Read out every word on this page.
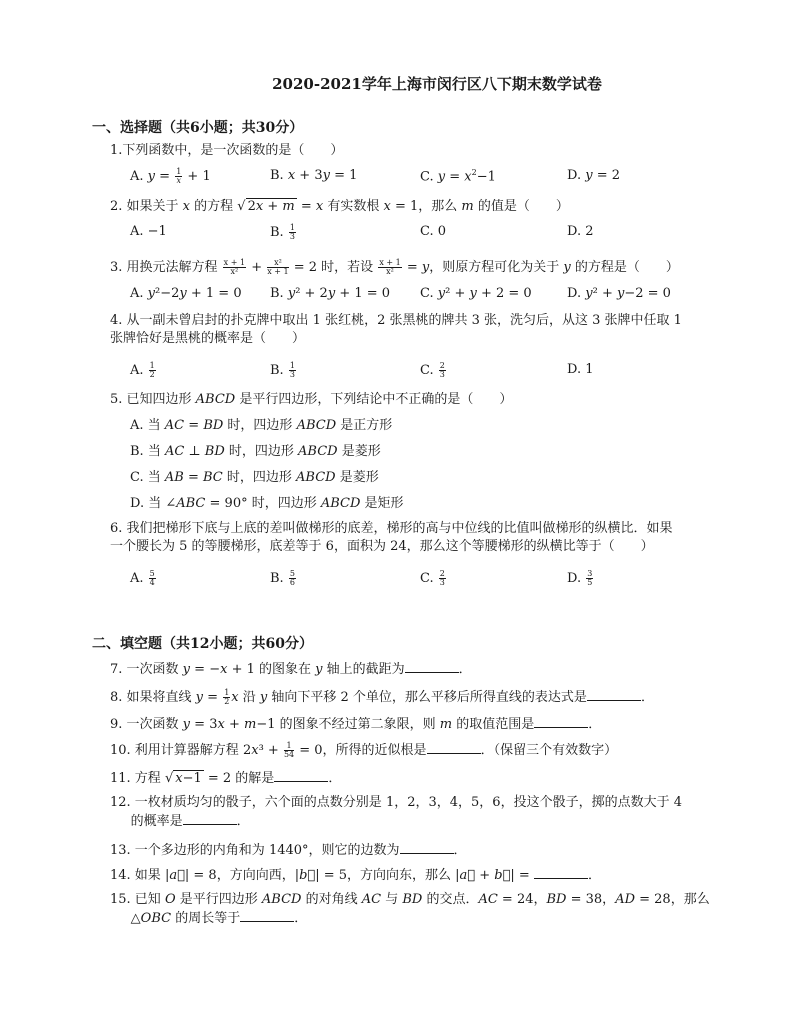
2020-2021学年上海市闵行区八下期末数学试卷
一、选择题（共6小题；共30分）
1.下列函数中，是一次函数的是（　　）
A. $y = \frac{1}{x} + 1$	B. x + 3y = 1	C. $y = x^2-1$	D. y = 2
2. 如果关于 x 的方程 √ 2x + m = x 有实数根 x = 1，那么 m 的值是（　　）
A. −1	B. $\frac{1}{3}$	C. 0	D. 2
3. 用换元法解方程 $\frac{x + 1}{\text{x²}} + \frac{\text{x²}}{x + 1} = 2$ 时，若设 $\frac{x + 1}{\text{x²}} = y$，则原方程可化为关于 y 的方程是（　　）
A. y²−2y + 1 = 0 B. y² + 2y + 1 = 0 C. y² + y + 2 = 0	D. y² + y−2 = 0
4. 从一副未曾启封的扑克牌中取出 1 张红桃，2 张黑桃的牌共 3 张，洗匀后，从这 3 张牌中任取 1
张牌恰好是黑桃的概率是（　　）
A. $\frac{1}{2}$	B. $\frac{1}{3}$	C. $\frac{2}{3}$	D. 1
5. 已知四边形 ABCD 是平行四边形，下列结论中不正确的是（　　）
A. 当 AC = BD 时，四边形 ABCD 是正方形
B. 当 AC ⊥ BD 时，四边形 ABCD 是菱形
C. 当 AB = BC 时，四边形 ABCD 是菱形
D. 当 ∠ABC = 90° 时，四边形 ABCD 是矩形
6. 我们把梯形下底与上底的差叫做梯形的底差，梯形的高与中位线的比值叫做梯形的纵横比．如果
一个腰长为 5 的等腰梯形，底差等于 6，面积为 24，那么这个等腰梯形的纵横比等于（　　）
A. $\frac{5}{4}$	B. $\frac{5}{6}$	C. $\frac{2}{3}$	D. $\frac{3}{5}$
二、填空题（共12小题；共60分）
7. 一次函数 y = −x + 1 的图象在 y 轴上的截距为	．
8. 如果将直线 $y = \frac{1}{2}$ x 沿 y 轴向下平移 2 个单位，那么平移后所得直线的表达式是	．
9. 一次函数 y = 3x + m−1 的图象不经过第二象限，则 m 的取值范围是	．
10. 利用计算器解方程 $2x^3 + \frac{1}{54} = 0$，所得的近似根是	．（保留三个有效数字）
11. 方程 √ x−1 = 2 的解是	．
12. 一枚材质均匀的骰子，六个面的点数分别是 1，2，3，4，5，6，投这个骰子，掷的点数大于 4
的概率是	．
13. 一个多边形的内角和为 1440°，则它的边数为	．
14. 如果 |a⃗| = 8，方向向西，|b⃗| = 5，方向向东，那么 |a⃗ + b⃗| =	．
15. 已知 O 是平行四边形 ABCD 的对角线 AC 与 BD 的交点．AC = 24，BD = 38，AD = 28，那么
△OBC 的周长等于	．
